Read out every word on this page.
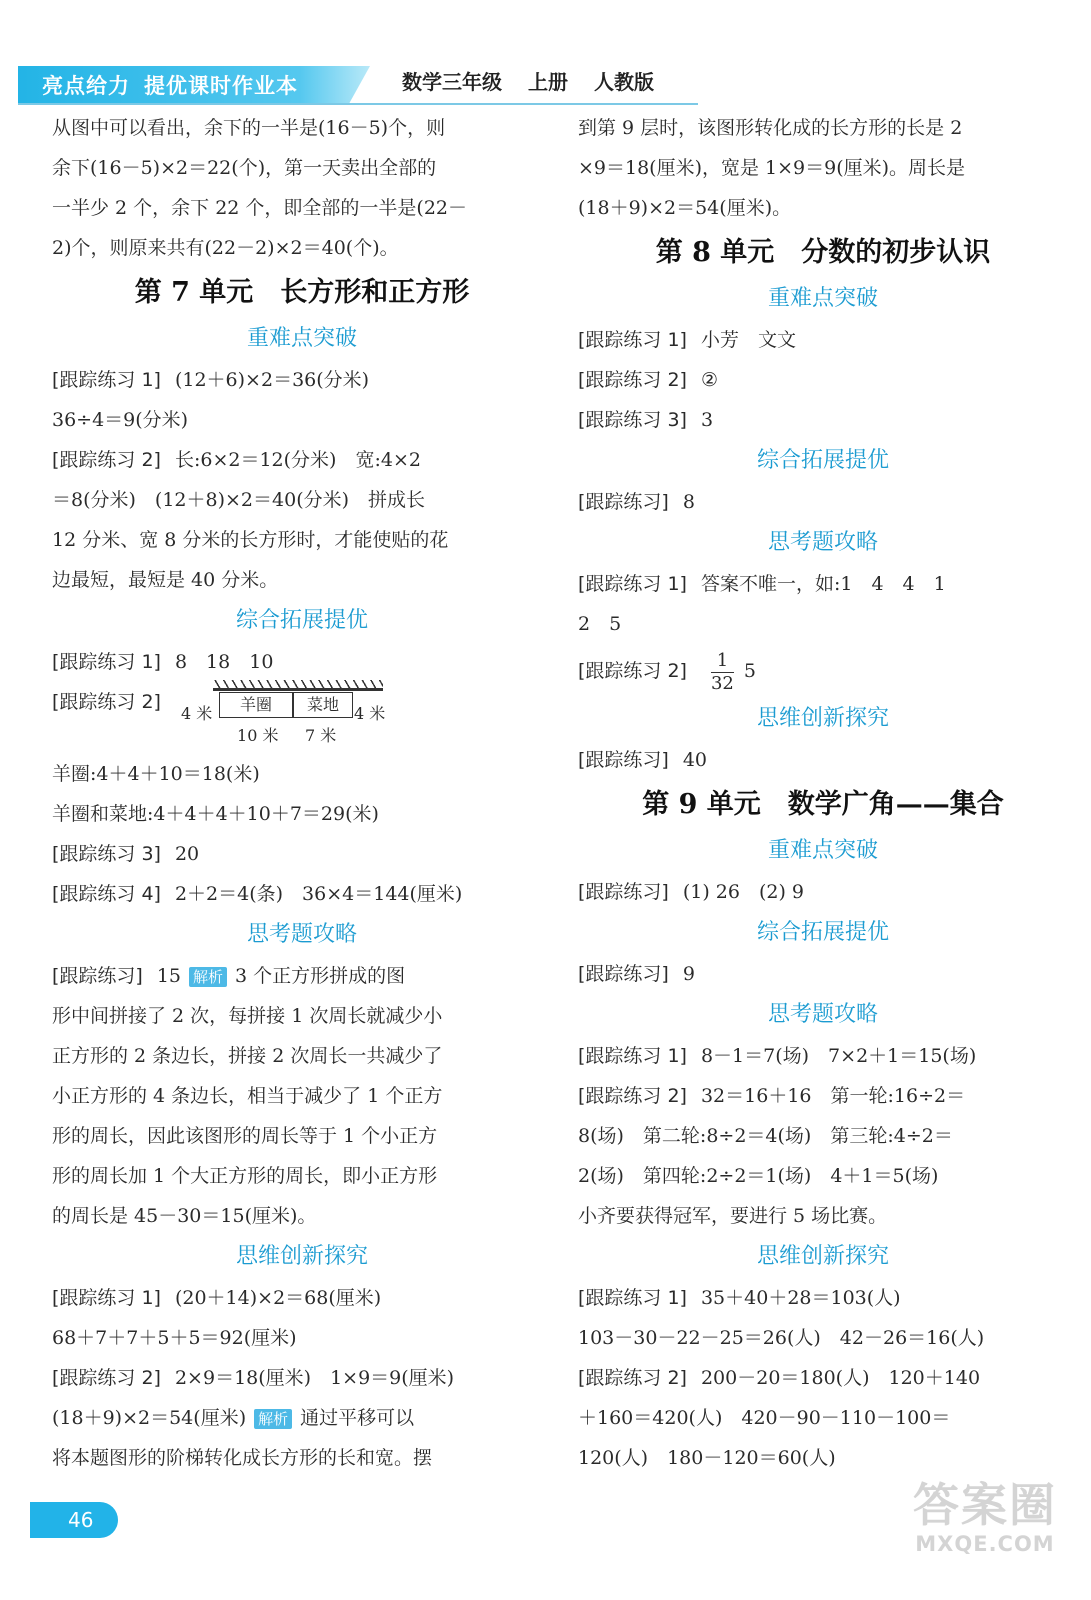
亮点给力 提优课时作业本	数学三年级 上册 人教版
从图中可以看出，余下的一半是(16－5)个，则
余下(16－5)×2＝22(个)，第一天卖出全部的
一半少 2 个，余下 22 个，即全部的一半是(22－
2)个，则原来共有(22－2)×2＝40(个)。
第 7 单元　长方形和正方形
重难点突破
[跟踪练习 1] (12＋6)×2＝36(分米)
36÷4＝9(分米)
[跟踪练习 2] 长:6×2＝12(分米)　宽:4×2
＝8(分米)　(12＋8)×2＝40(分米)　拼成长
12 分米、宽 8 分米的长方形时，才能使贴的花
边最短，最短是 40 分米。
综合拓展提优
[跟踪练习 1] 8　18　10
[跟踪练习 2]
4 米	羊圈	菜地 4 米
10 米 7 米
羊圈:4＋4＋10＝18(米)
羊圈和菜地:4＋4＋4＋10＋7＝29(米)
[跟踪练习 3] 20
[跟踪练习 4] 2＋2＝4(条)　36×4＝144(厘米)
思考题攻略
[跟踪练习] 15 解析 3 个正方形拼成的图
形中间拼接了 2 次，每拼接 1 次周长就减少小
正方形的 2 条边长，拼接 2 次周长一共减少了
小正方形的 4 条边长，相当于减少了 1 个正方
形的周长，因此该图形的周长等于 1 个小正方
形的周长加 1 个大正方形的周长，即小正方形
的周长是 45－30＝15(厘米)。
思维创新探究
[跟踪练习 1] (20＋14)×2＝68(厘米)
68＋7＋7＋5＋5＝92(厘米)
[跟踪练习 2] 2×9＝18(厘米)　1×9＝9(厘米)
(18＋9)×2＝54(厘米) 解析 通过平移可以
将本题图形的阶梯转化成长方形的长和宽。摆
到第 9 层时，该图形转化成的长方形的长是 2
×9＝18(厘米)，宽是 1×9＝9(厘米)。周长是
(18＋9)×2＝54(厘米)。
第 8 单元　分数的初步认识
重难点突破
[跟踪练习 1] 小芳　文文
[跟踪练习 2] ②
[跟踪练习 3] 3
综合拓展提优
[跟踪练习] 8
思考题攻略
[跟踪练习 1] 答案不唯一，如:1　4　4　1
2　5
[跟踪练习 $2] \frac{1}{32} 5$
思维创新探究
[跟踪练习] 40
第 9 单元　数学广角——集合
重难点突破
[跟踪练习] (1) 26　(2) 9
综合拓展提优
[跟踪练习] 9
思考题攻略
[跟踪练习 1] 8－1＝7(场)　7×2＋1＝15(场)
[跟踪练习 2] 32＝16＋16　第一轮:16÷2＝
8(场)　第二轮:8÷2＝4(场)　第三轮:4÷2＝
2(场)　第四轮:2÷2＝1(场)　4＋1＝5(场)
小齐要获得冠军，要进行 5 场比赛。
思维创新探究
[跟踪练习 1] 35＋40＋28＝103(人)
103－30－22－25＝26(人)　42－26＝16(人)
[跟踪练习 2] 200－20＝180(人)　120＋140
＋160＝420(人)　420－90－110－100＝
120(人)　180－120＝60(人)
46	答案圈
MXQE.COM
